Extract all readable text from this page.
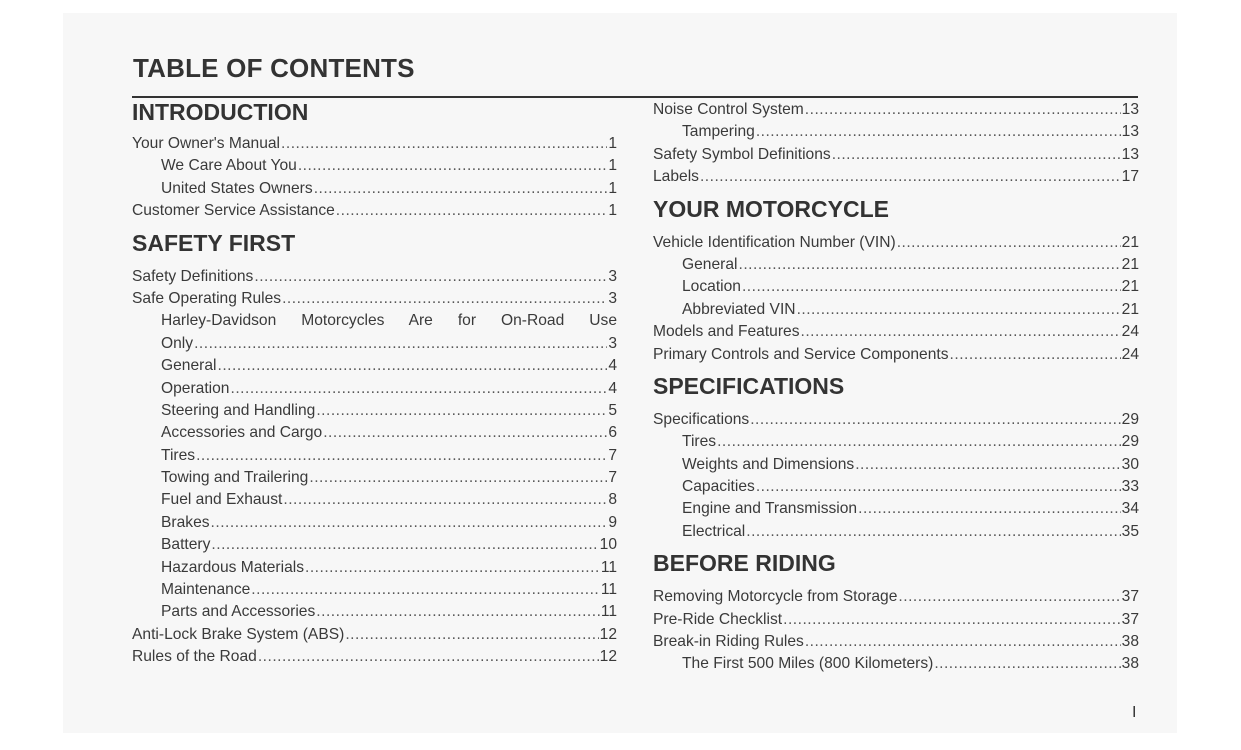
TABLE OF CONTENTS
INTRODUCTION
Your Owner's Manual .....	1
We Care About You .....	1
United States Owners .....	1
Customer Service Assistance .....	1
SAFETY FIRST
Safety Definitions .....	3
Safe Operating Rules .....	3
Harley-Davidson Motorcycles Are for On-Road Use
Only .....	3
General .....	4
Operation .....	4
Steering and Handling .....	5
Accessories and Cargo .....	6
Tires .....	7
Towing and Trailering .....	7
Fuel and Exhaust .....	8
Brakes .....	9
Battery .....	10
Hazardous Materials .....	11
Maintenance .....	11
Parts and Accessories .....	11
Anti-Lock Brake System (ABS) .....	12
Rules of the Road .....	12
Noise Control System .....	13
Tampering .....	13
Safety Symbol Definitions .....	13
Labels .....	17
YOUR MOTORCYCLE
Vehicle Identification Number (VIN) .....	21
General .....	21
Location .....	21
Abbreviated VIN .....	21
Models and Features .....	24
Primary Controls and Service Components .....	24
SPECIFICATIONS
Specifications .....	29
Tires .....	29
Weights and Dimensions .....	30
Capacities .....	33
Engine and Transmission .....	34
Electrical .....	35
BEFORE RIDING
Removing Motorcycle from Storage .....	37
Pre-Ride Checklist .....	37
Break-in Riding Rules .....	38
The First 500 Miles (800 Kilometers) .....	38
I
